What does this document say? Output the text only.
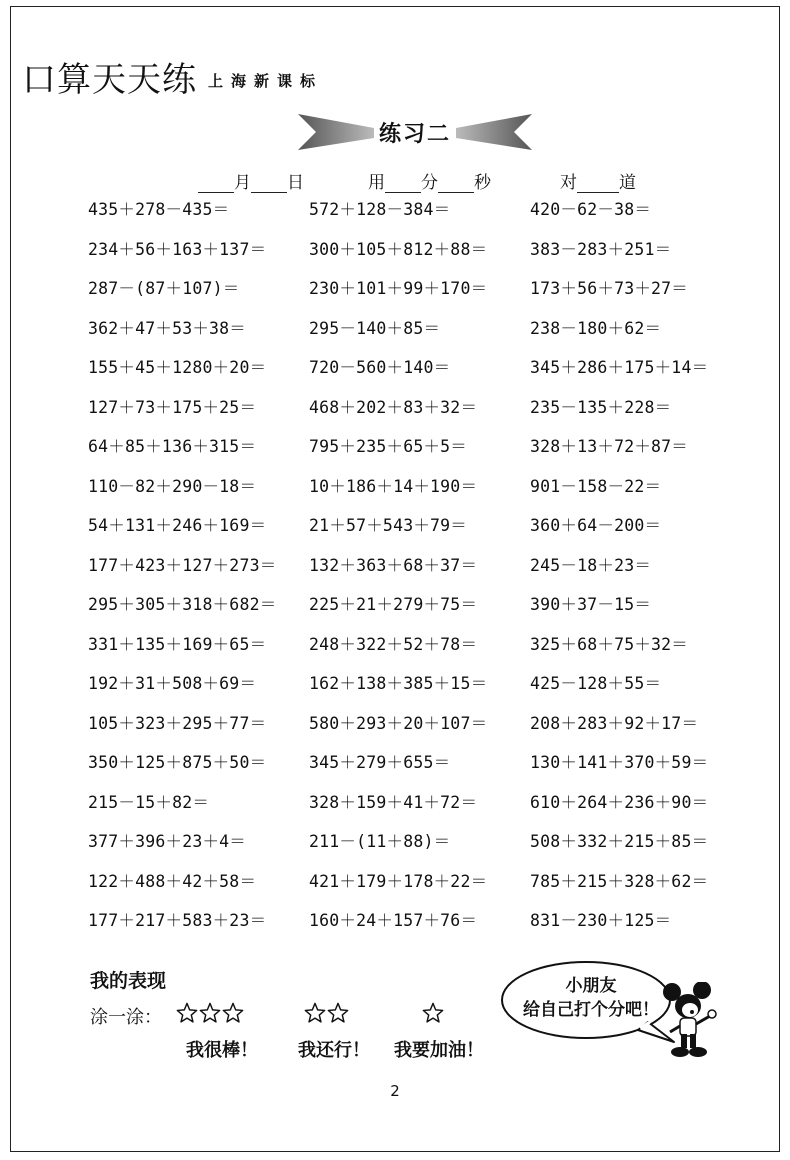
口算天天练 上海新课标
练习二
月 日	用 分 秒	对 道
435＋278－435＝	572＋128－384＝	420－62－38＝
234＋56＋163＋137＝	300＋105＋812＋88＝	383－283＋251＝
287－(87＋107)＝	230＋101＋99＋170＝	173＋56＋73＋27＝
362＋47＋53＋38＝	295－140＋85＝	238－180＋62＝
155＋45＋1280＋20＝	720－560＋140＝	345＋286＋175＋14＝
127＋73＋175＋25＝	468＋202＋83＋32＝	235－135＋228＝
64＋85＋136＋315＝	795＋235＋65＋5＝	328＋13＋72＋87＝
110－82＋290－18＝	10＋186＋14＋190＝	901－158－22＝
54＋131＋246＋169＝	21＋57＋543＋79＝	360＋64－200＝
177＋423＋127＋273＝ 132＋363＋68＋37＝	245－18＋23＝
295＋305＋318＋682＝ 225＋21＋279＋75＝	390＋37－15＝
331＋135＋169＋65＝	248＋322＋52＋78＝	325＋68＋75＋32＝
192＋31＋508＋69＝	162＋138＋385＋15＝	425－128＋55＝
105＋323＋295＋77＝	580＋293＋20＋107＝	208＋283＋92＋17＝
350＋125＋875＋50＝	345＋279＋655＝	130＋141＋370＋59＝
215－15＋82＝	328＋159＋41＋72＝	610＋264＋236＋90＝
377＋396＋23＋4＝	211－(11＋88)＝	508＋332＋215＋85＝
122＋488＋42＋58＝	421＋179＋178＋22＝	785＋215＋328＋62＝
177＋217＋583＋23＝	160＋24＋157＋76＝	831－230＋125＝
我的表现
涂一涂：
我很棒！ 我还行！ 我要加油！
小朋友
给自己打个分吧！
2
